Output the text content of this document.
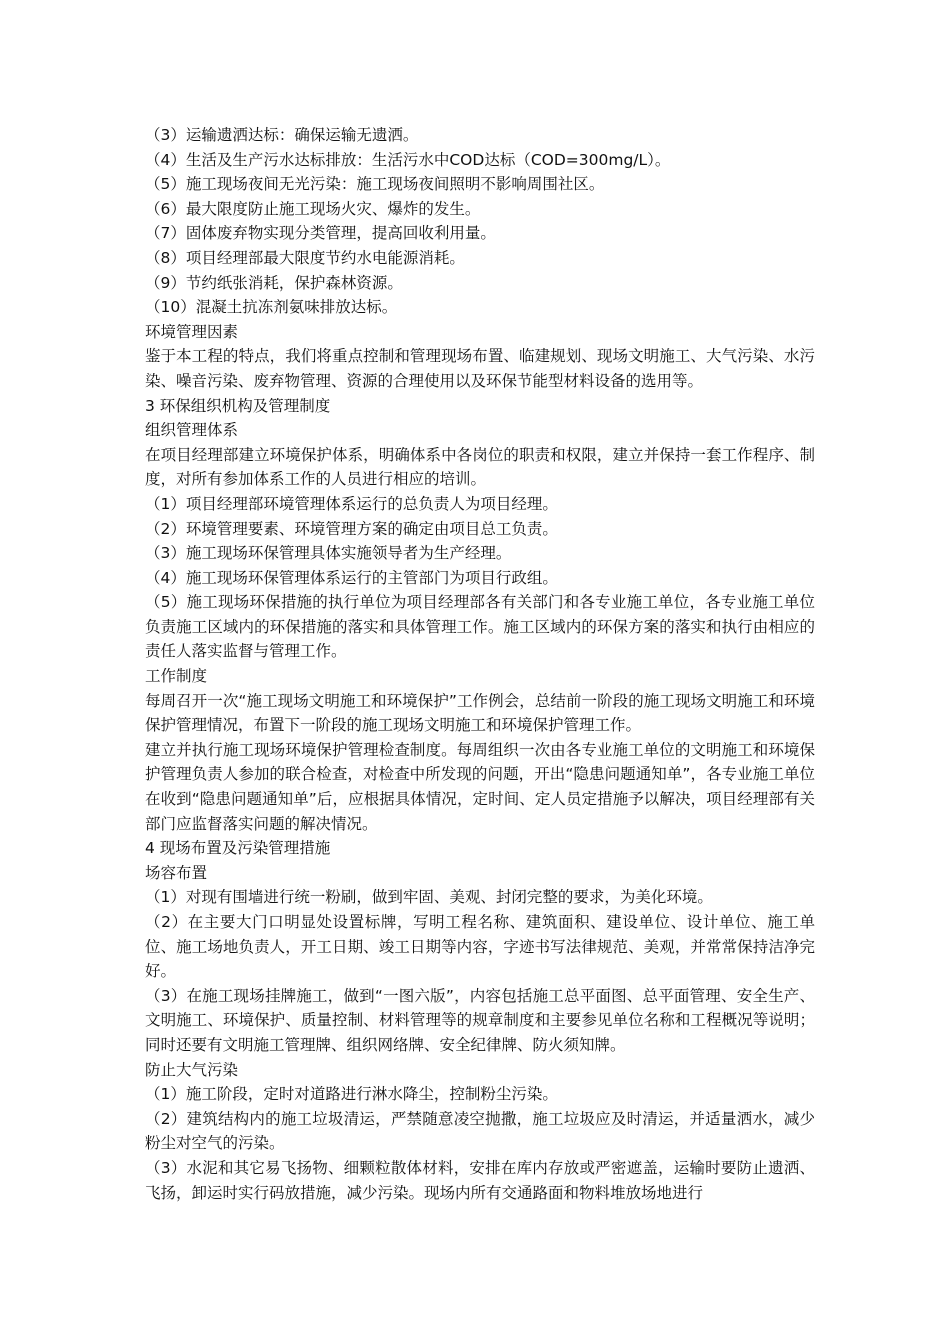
（3）运输遗洒达标：确保运输无遗洒。

（4）生活及生产污水达标排放：生活污水中COD达标（COD=300mg/L）。

（5）施工现场夜间无光污染：施工现场夜间照明不影响周围社区。

（6）最大限度防止施工现场火灾、爆炸的发生。

（7）固体废弃物实现分类管理，提高回收利用量。

（8）项目经理部最大限度节约水电能源消耗。

（9）节约纸张消耗，保护森林资源。

（10）混凝土抗冻剂氨味排放达标。

环境管理因素

鉴于本工程的特点，我们将重点控制和管理现场布置、临建规划、现场文明施工、大气污染、水污染、噪音污染、废弃物管理、资源的合理使用以及环保节能型材料设备的选用等。

3 环保组织机构及管理制度

组织管理体系

在项目经理部建立环境保护体系，明确体系中各岗位的职责和权限，建立并保持一套工作程序、制度，对所有参加体系工作的人员进行相应的培训。

（1）项目经理部环境管理体系运行的总负责人为项目经理。

（2）环境管理要素、环境管理方案的确定由项目总工负责。

（3）施工现场环保管理具体实施领导者为生产经理。

（4）施工现场环保管理体系运行的主管部门为项目行政组。

（5）施工现场环保措施的执行单位为项目经理部各有关部门和各专业施工单位，各专业施工单位负责施工区域内的环保措施的落实和具体管理工作。施工区域内的环保方案的落实和执行由相应的责任人落实监督与管理工作。

工作制度

每周召开一次“施工现场文明施工和环境保护”工作例会，总结前一阶段的施工现场文明施工和环境保护管理情况，布置下一阶段的施工现场文明施工和环境保护管理工作。

建立并执行施工现场环境保护管理检查制度。每周组织一次由各专业施工单位的文明施工和环境保护管理负责人参加的联合检查，对检查中所发现的问题，开出“隐患问题通知单”，各专业施工单位在收到“隐患问题通知单”后，应根据具体情况，定时间、定人员定措施予以解决，项目经理部有关部门应监督落实问题的解决情况。

4 现场布置及污染管理措施

场容布置

（1）对现有围墙进行统一粉刷，做到牢固、美观、封闭完整的要求，为美化环境。

（2）在主要大门口明显处设置标牌，写明工程名称、建筑面积、建设单位、设计单位、施工单位、施工场地负责人，开工日期、竣工日期等内容，字迹书写法律规范、美观，并常常保持洁净完好。

（3）在施工现场挂牌施工，做到“一图六版”，内容包括施工总平面图、总平面管理、安全生产、文明施工、环境保护、质量控制、材料管理等的规章制度和主要参见单位名称和工程概况等说明；同时还要有文明施工管理牌、组织网络牌、安全纪律牌、防火须知牌。

防止大气污染

（1）施工阶段，定时对道路进行淋水降尘，控制粉尘污染。

（2）建筑结构内的施工垃圾清运，严禁随意凌空抛撒，施工垃圾应及时清运，并适量洒水，减少粉尘对空气的污染。

（3）水泥和其它易飞扬物、细颗粒散体材料，安排在库内存放或严密遮盖，运输时要防止遗洒、飞扬，卸运时实行码放措施，减少污染。现场内所有交通路面和物料堆放场地进行
